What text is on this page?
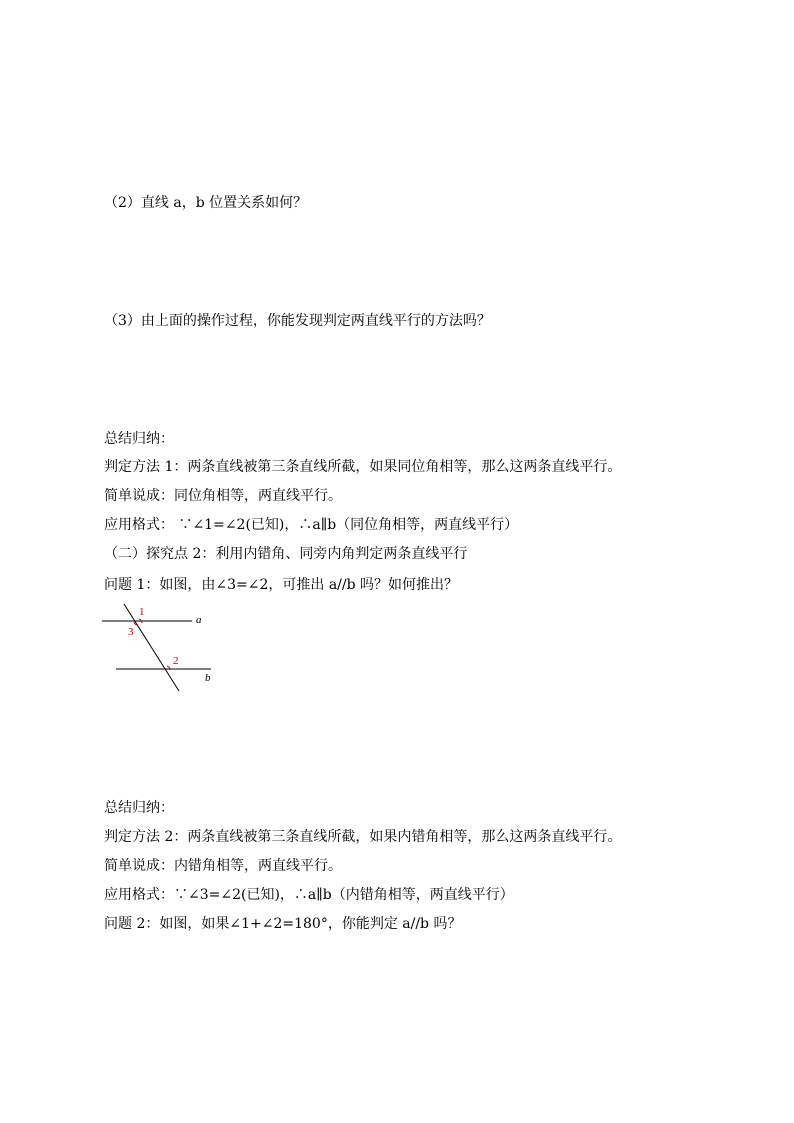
（2）直线 a，b 位置关系如何？
（3）由上面的操作过程，你能发现判定两直线平行的方法吗？
总结归纳：
判定方法 1：两条直线被第三条直线所截，如果同位角相等，那么这两条直线平行。
简单说成：同位角相等，两直线平行。
应用格式： ∵∠1=∠2(已知)，∴a∥b（同位角相等，两直线平行）
（二）探究点 2：利用内错角、同旁内角判定两条直线平行
问题 1：如图，由∠3=∠2，可推出 a//b 吗？如何推出？
1
3
2
a
b
总结归纳：
判定方法 2：两条直线被第三条直线所截，如果内错角相等，那么这两条直线平行。
简单说成：内错角相等，两直线平行。
应用格式：∵∠3=∠2(已知)，∴a∥b（内错角相等，两直线平行）
问题 2：如图，如果∠1+∠2=180°，你能判定 a//b 吗？
